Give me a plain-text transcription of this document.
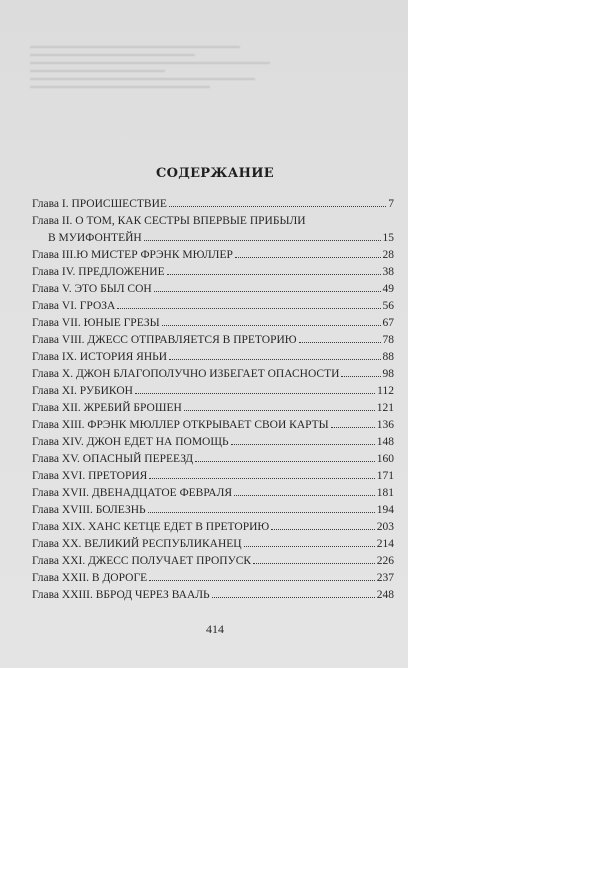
СОДЕРЖАНИЕ
Глава I. ПРОИСШЕСТВИЕ	7
Глава II. О ТОМ, КАК СЕСТРЫ ВПЕРВЫЕ ПРИБЫЛИ
В МУИФОНТЕЙН	15
Глава III.Ю МИСТЕР ФРЭНК МЮЛЛЕР	28
Глава IV. ПРЕДЛОЖЕНИЕ	38
Глава V. ЭТО БЫЛ СОН	49
Глава VI. ГРОЗА	56
Глава VII. ЮНЫЕ ГРЕЗЫ	67
Глава VIII. ДЖЕСС ОТПРАВЛЯЕТСЯ В ПРЕТОРИЮ	78
Глава IX. ИСТОРИЯ ЯНЬИ	88
Глава X. ДЖОН БЛАГОПОЛУЧНО ИЗБЕГАЕТ ОПАСНОСТИ	98
Глава XI. РУБИКОН	112
Глава XII. ЖРЕБИЙ БРОШЕН	121
Глава XIII. ФРЭНК МЮЛЛЕР ОТКРЫВАЕТ СВОИ КАРТЫ	136
Глава XIV. ДЖОН ЕДЕТ НА ПОМОЩЬ	148
Глава XV. ОПАСНЫЙ ПЕРЕЕЗД	160
Глава XVI. ПРЕТОРИЯ	171
Глава XVII. ДВЕНАДЦАТОЕ ФЕВРАЛЯ	181
Глава XVIII. БОЛЕЗНЬ	194
Глава XIX. ХАНС КЕТЦЕ ЕДЕТ В ПРЕТОРИЮ	203
Глава XX. ВЕЛИКИЙ РЕСПУБЛИКАНЕЦ	214
Глава XXI. ДЖЕСС ПОЛУЧАЕТ ПРОПУСК	226
Глава XXII. В ДОРОГЕ	237
Глава XXIII. ВБРОД ЧЕРЕЗ ВААЛЬ	248
414
